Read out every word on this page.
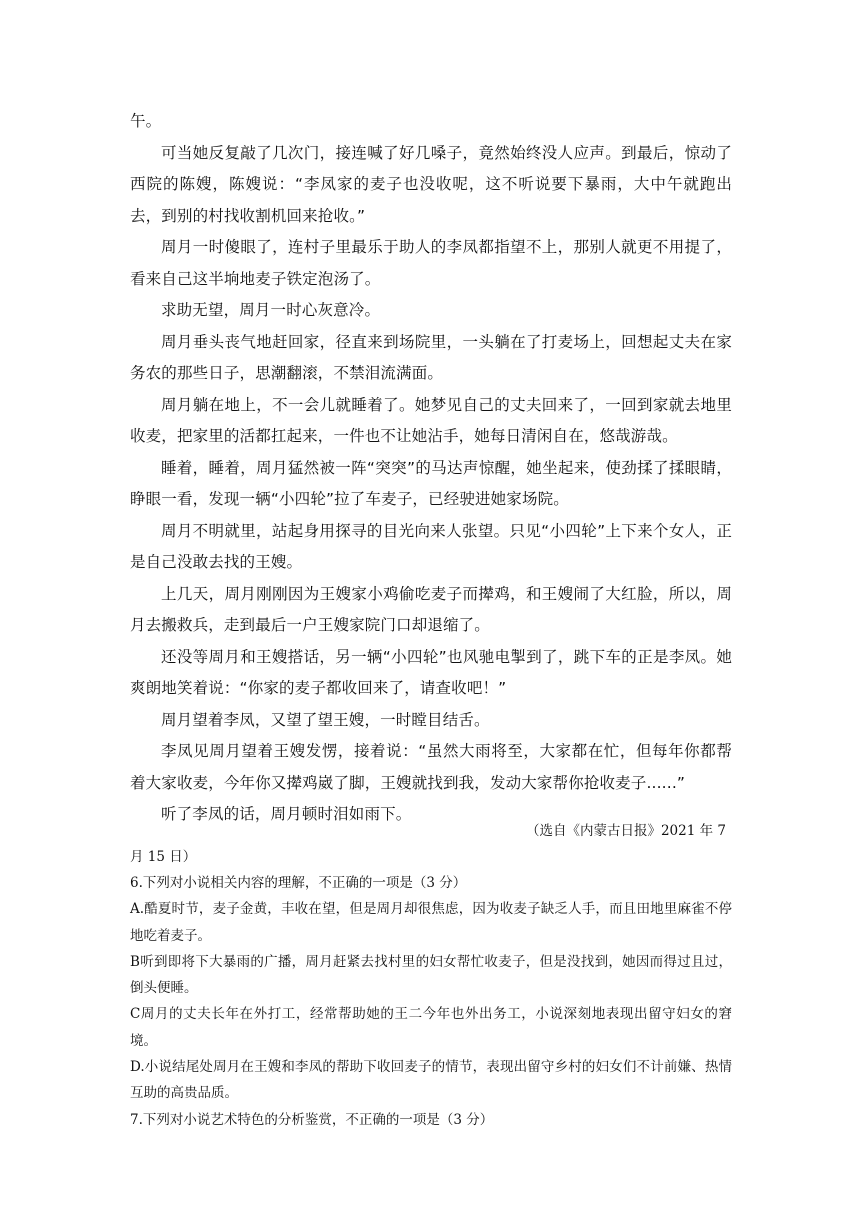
午。

可当她反复敲了几次门，接连喊了好几嗓子，竟然始终没人应声。到最后，惊动了西院的陈嫂，陈嫂说：“李凤家的麦子也没收呢，这不听说要下暴雨，大中午就跑出去，到别的村找收割机回来抢收。”

周月一时傻眼了，连村子里最乐于助人的李凤都指望不上，那别人就更不用提了，看来自己这半垧地麦子铁定泡汤了。

求助无望，周月一时心灰意冷。

周月垂头丧气地赶回家，径直来到场院里，一头躺在了打麦场上，回想起丈夫在家务农的那些日子，思潮翻滚，不禁泪流满面。

周月躺在地上，不一会儿就睡着了。她梦见自己的丈夫回来了，一回到家就去地里收麦，把家里的活都扛起来，一件也不让她沾手，她每日清闲自在，悠哉游哉。

睡着，睡着，周月猛然被一阵“突突”的马达声惊醒，她坐起来，使劲揉了揉眼睛，睁眼一看，发现一辆“小四轮”拉了车麦子，已经驶进她家场院。

周月不明就里，站起身用探寻的目光向来人张望。只见“小四轮”上下来个女人，正是自己没敢去找的王嫂。

上几天，周月刚刚因为王嫂家小鸡偷吃麦子而撵鸡，和王嫂闹了大红脸，所以，周月去搬救兵，走到最后一户王嫂家院门口却退缩了。

还没等周月和王嫂搭话，另一辆“小四轮”也风驰电掣到了，跳下车的正是李凤。她爽朗地笑着说：“你家的麦子都收回来了，请查收吧！”

周月望着李凤，又望了望王嫂，一时瞠目结舌。

李凤见周月望着王嫂发愣，接着说：“虽然大雨将至，大家都在忙，但每年你都帮着大家收麦，今年你又撵鸡崴了脚，王嫂就找到我，发动大家帮你抢收麦子......”

听了李凤的话，周月顿时泪如雨下。

（选自《内蒙古日报》2021 年 7
月 15 日）

6.下列对小说相关内容的理解，不正确的一项是（3 分）

A.酷夏时节，麦子金黄，丰收在望，但是周月却很焦虑，因为收麦子缺乏人手，而且田地里麻雀不停地吃着麦子。

B听到即将下大暴雨的广播，周月赶紧去找村里的妇女帮忙收麦子，但是没找到，她因而得过且过，倒头便睡。

C周月的丈夫长年在外打工，经常帮助她的王二今年也外出务工，小说深刻地表现出留守妇女的窘境。

D.小说结尾处周月在王嫂和李凤的帮助下收回麦子的情节，表现出留守乡村的妇女们不计前嫌、热情互助的高贵品质。

7.下列对小说艺术特色的分析鉴赏，不正确的一项是（3 分）
